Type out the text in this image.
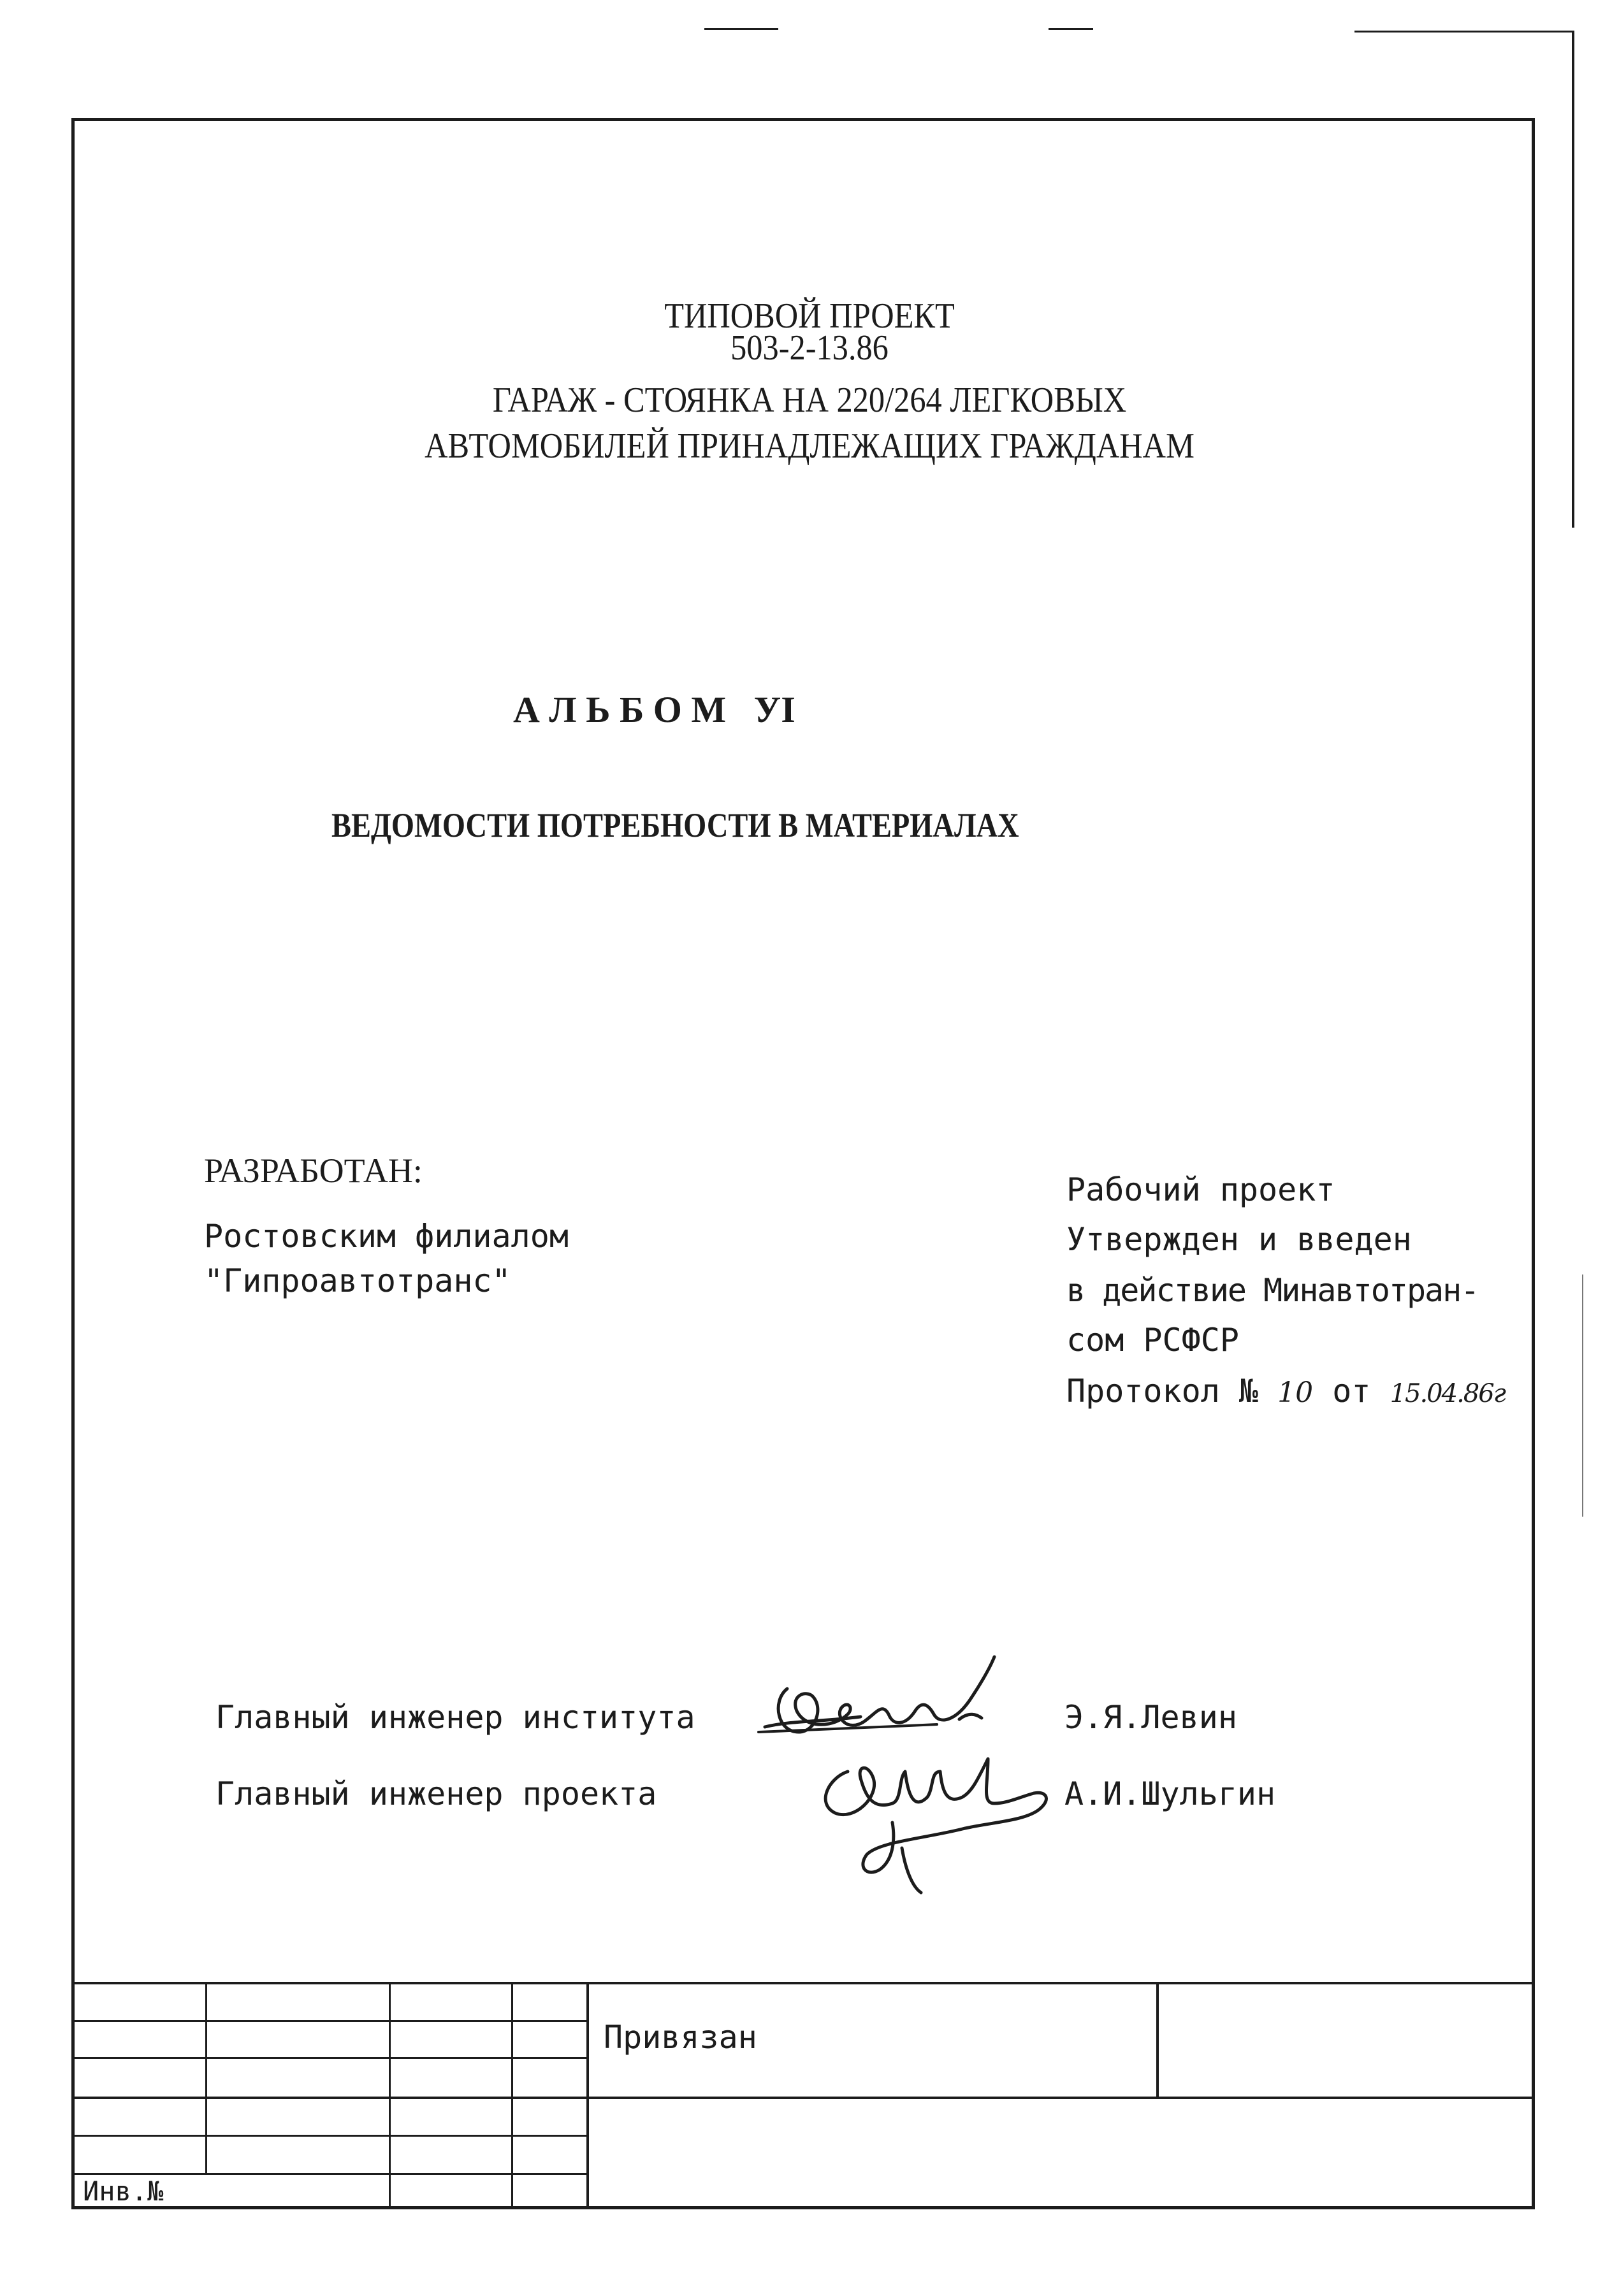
ТИПОВОЙ ПРОЕКТ
503-2-13.86
ГАРАЖ - СТОЯНКА НА 220/264 ЛЕГКОВЫХ
АВТОМОБИЛЕЙ ПРИНАДЛЕЖАЩИХ ГРАЖДАНАМ
А Л Ь Б О М УI
ВЕДОМОСТИ ПОТРЕБНОСТИ В МАТЕРИАЛАХ
РАЗРАБОТАН:
Ростовским филиалом
"Гипроавтотранс"
Рабочий проект
Утвержден и введен
в действие Минавтотран-
сом РСФСР
Протокол № 10 от 15.04.86г
Главный инженер института	Э.Я.Левин
Главный инженер проекта	А.И.Шульгин
Привязан
Инв.№
